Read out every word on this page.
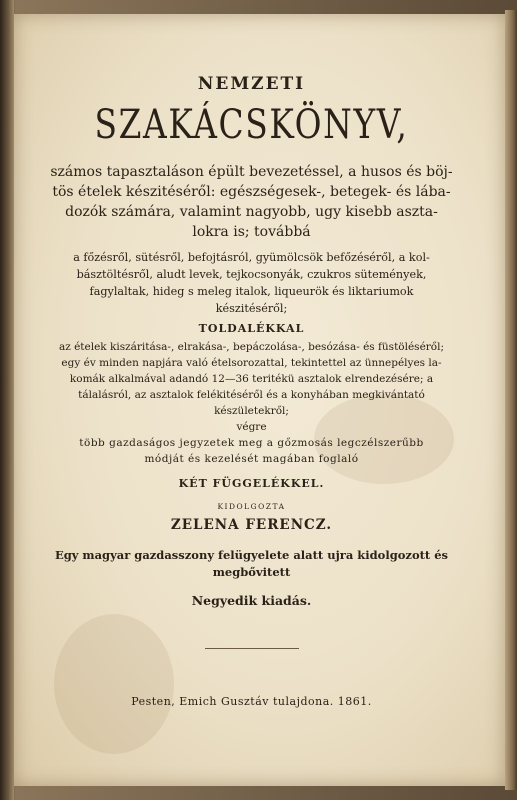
NEMZETI
SZAKÁCSKÖNYV,
számos tapasztaláson épült bevezetéssel, a husos és böj-
tös ételek készitéséről: egészségesek-, betegek- és lába-
dozók számára, valamint nagyobb, ugy kisebb aszta-
lokra is; továbbá
a főzésről, sütésről, befojtásról, gyümölcsök befőzéséről, a kol-
básztöltésről, aludt levek, tejkocsonyák, czukros sütemények,
fagylaltak, hideg s meleg italok, liqueurök és liktariumok
készitéséről;
TOLDALÉKKAL
az ételek kiszáritása-, elrakása-, bepáczolása-, besózása- és füstöléséről;
egy év minden napjára való ételsorozattal, tekintettel az ünnepélyes la-
komák alkalmával adandó 12—36 teritékü asztalok elrendezésére; a
tálalásról, az asztalok felékitéséről és a konyhában megkivántató
készületekről;
végre
több gazdaságos jegyzetek meg a gőzmosás legczélszerűbb
módját és kezelését magában foglaló
KÉT FÜGGELÉKKEL.
KIDOLGOZTA
ZELENA FERENCZ.
Egy magyar gazdasszony felügyelete alatt ujra kidolgozott és
megbővitett
Negyedik kiadás.
Pesten, Emich Gusztáv tulajdona. 1861.
